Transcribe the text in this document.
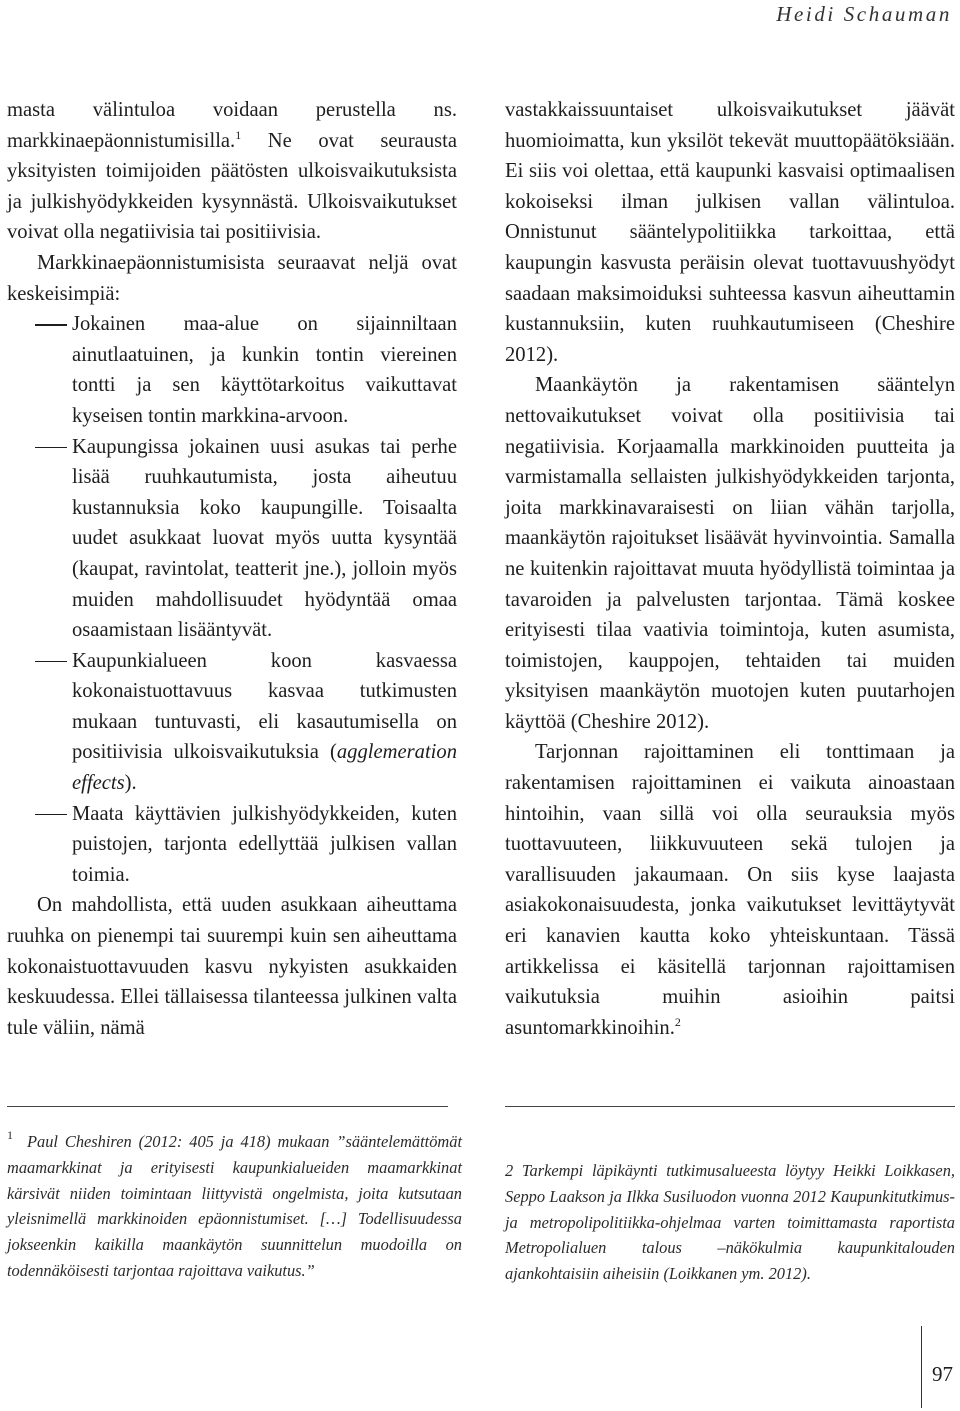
Heidi Schauman

masta välintuloa voidaan perustella ns. markkinaepäonnistumisilla.$^1$ Ne ovat seurausta yksityisten toimijoiden päätösten ulkoisvaikutuksista ja julkishyödykkeiden kysynnästä. Ulkoisvaikutukset voivat olla negatiivisia tai positiivisia.

Markkinaepäonnistumisista seuraavat neljä ovat keskeisimpiä:

Jokainen maa-alue on sijainniltaan ainutlaatuinen, ja kunkin tontin viereinen tontti ja sen käyttötarkoitus vaikuttavat kyseisen tontin markkina-arvoon.

Kaupungissa jokainen uusi asukas tai perhe lisää ruuhkautumista, josta aiheutuu kustannuksia koko kaupungille. Toisaalta uudet asukkaat luovat myös uutta kysyntää (kaupat, ravintolat, teatterit jne.), jolloin myös muiden mahdollisuudet hyödyntää omaa osaamistaan lisääntyvät.

Kaupunkialueen koon kasvaessa kokonaistuottavuus kasvaa tutkimusten mukaan tuntuvasti, eli kasautumisella on positiivisia ulkoisvaikutuksia (agglemeration effects).

Maata käyttävien julkishyödykkeiden, kuten puistojen, tarjonta edellyttää julkisen vallan toimia.

On mahdollista, että uuden asukkaan aiheuttama ruuhka on pienempi tai suurempi kuin sen aiheuttama kokonaistuottavuuden kasvu nykyisten asukkaiden keskuudessa. Ellei tällaisessa tilanteessa julkinen valta tule väliin, nämä

vastakkaissuuntaiset ulkoisvaikutukset jäävät huomioimatta, kun yksilöt tekevät muuttopäätöksiään. Ei siis voi olettaa, että kaupunki kasvaisi optimaalisen kokoiseksi ilman julkisen vallan välintuloa. Onnistunut sääntelypolitiikka tarkoittaa, että kaupungin kasvusta peräisin olevat tuottavuushyödyt saadaan maksimoiduksi suhteessa kasvun aiheuttamin kustannuksiin, kuten ruuhkautumiseen (Cheshire 2012).

Maankäytön ja rakentamisen sääntelyn nettovaikutukset voivat olla positiivisia tai negatiivisia. Korjaamalla markkinoiden puutteita ja varmistamalla sellaisten julkishyödykkeiden tarjonta, joita markkinavaraisesti on liian vähän tarjolla, maankäytön rajoitukset lisäävät hyvinvointia. Samalla ne kuitenkin rajoittavat muuta hyödyllistä toimintaa ja tavaroiden ja palvelusten tarjontaa. Tämä koskee erityisesti tilaa vaativia toimintoja, kuten asumista, toimistojen, kauppojen, tehtaiden tai muiden yksityisen maankäytön muotojen kuten puutarhojen käyttöä (Cheshire 2012).

Tarjonnan rajoittaminen eli tonttimaan ja rakentamisen rajoittaminen ei vaikuta ainoastaan hintoihin, vaan sillä voi olla seurauksia myös tuottavuuteen, liikkuvuuteen sekä tulojen ja varallisuuden jakaumaan. On siis kyse laajasta asiakokonaisuudesta, jonka vaikutukset levittäytyvät eri kanavien kautta koko yhteiskuntaan. Tässä artikkelissa ei käsitellä tarjonnan rajoittamisen vaikutuksia muihin asioihin paitsi asuntomarkkinoihin.$^2$

$^1$ Paul Cheshiren (2012: 405 ja 418) mukaan ”sääntelemättömät maamarkkinat ja erityisesti kaupunkialueiden maamarkkinat kärsivät niiden toimintaan liittyvistä ongelmista, joita kutsutaan yleisnimellä markkinoiden epäonnistumiset. […] Todellisuudessa jokseenkin kaikilla maankäytön suunnittelun muodoilla on todennäköisesti tarjontaa rajoittava vaikutus.”
2 Tarkempi läpikäynti tutkimusalueesta löytyy Heikki Loikkasen, Seppo Laakson ja Ilkka Susiluodon vuonna 2012 Kaupunkitutkimus- ja metropolipolitiikka-ohjelmaa varten toimittamasta raportista Metropolialuen talous –näkökulmia kaupunkitalouden ajankohtaisiin aiheisiin (Loikkanen ym. 2012).
97
